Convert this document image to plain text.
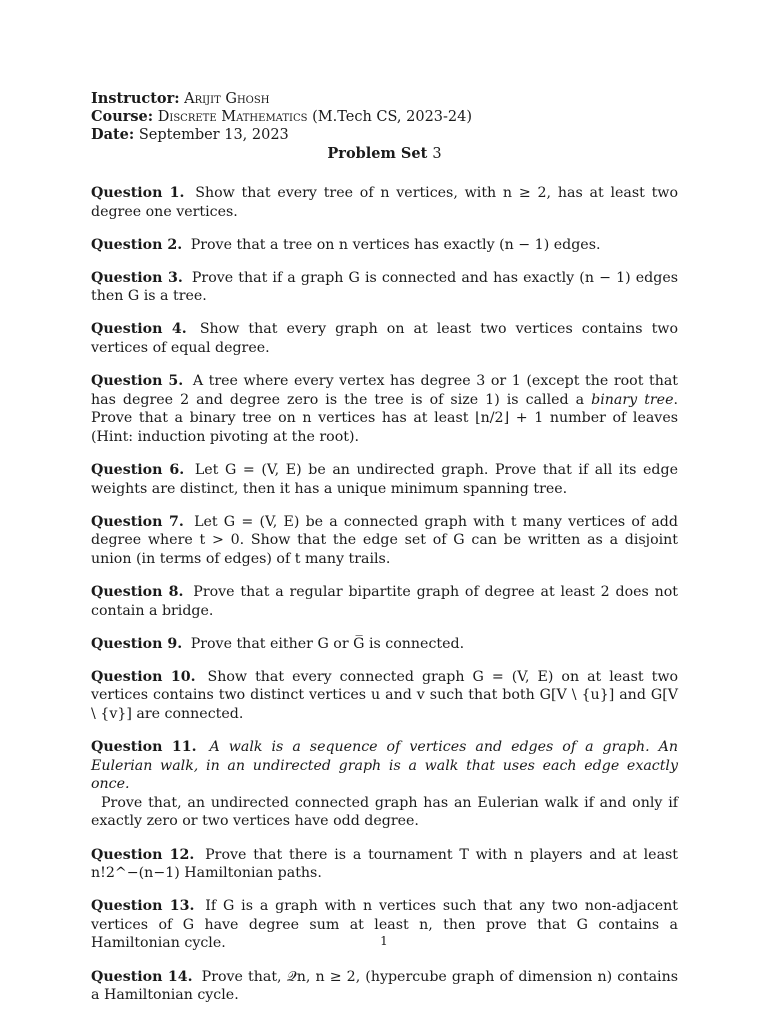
Instructor: Arijit Ghosh
Course: Discrete Mathematics (M.Tech CS, 2023-24)
Date: September 13, 2023
Problem Set 3
Question 1. Show that every tree of n vertices, with n ≥ 2, has at least two degree one vertices.
Question 2. Prove that a tree on n vertices has exactly (n − 1) edges.
Question 3. Prove that if a graph G is connected and has exactly (n − 1) edges then G is a tree.
Question 4. Show that every graph on at least two vertices contains two vertices of equal degree.
Question 5. A tree where every vertex has degree 3 or 1 (except the root that has degree 2 and degree zero is the tree is of size 1) is called a binary tree. Prove that a binary tree on n vertices has at least ⌊n/2⌋ + 1 number of leaves (Hint: induction pivoting at the root).
Question 6. Let G = (V, E) be an undirected graph. Prove that if all its edge weights are distinct, then it has a unique minimum spanning tree.
Question 7. Let G = (V, E) be a connected graph with t many vertices of add degree where t > 0. Show that the edge set of G can be written as a disjoint union (in terms of edges) of t many trails.
Question 8. Prove that a regular bipartite graph of degree at least 2 does not contain a bridge.
Question 9. Prove that either G or G̅ is connected.
Question 10. Show that every connected graph G = (V, E) on at least two vertices contains two distinct vertices u and v such that both G[V \ {u}] and G[V \ {v}] are connected.
Question 11. A walk is a sequence of vertices and edges of a graph. An Eulerian walk, in an undirected graph is a walk that uses each edge exactly once.
Prove that, an undirected connected graph has an Eulerian walk if and only if exactly zero or two vertices have odd degree.
Question 12. Prove that there is a tournament T with n players and at least n!2^−(n−1) Hamiltonian paths.
Question 13. If G is a graph with n vertices such that any two non-adjacent vertices of G have degree sum at least n, then prove that G contains a Hamiltonian cycle.
Question 14. Prove that, 𝒬n, n ≥ 2, (hypercube graph of dimension n) contains a Hamiltonian cycle.
1
